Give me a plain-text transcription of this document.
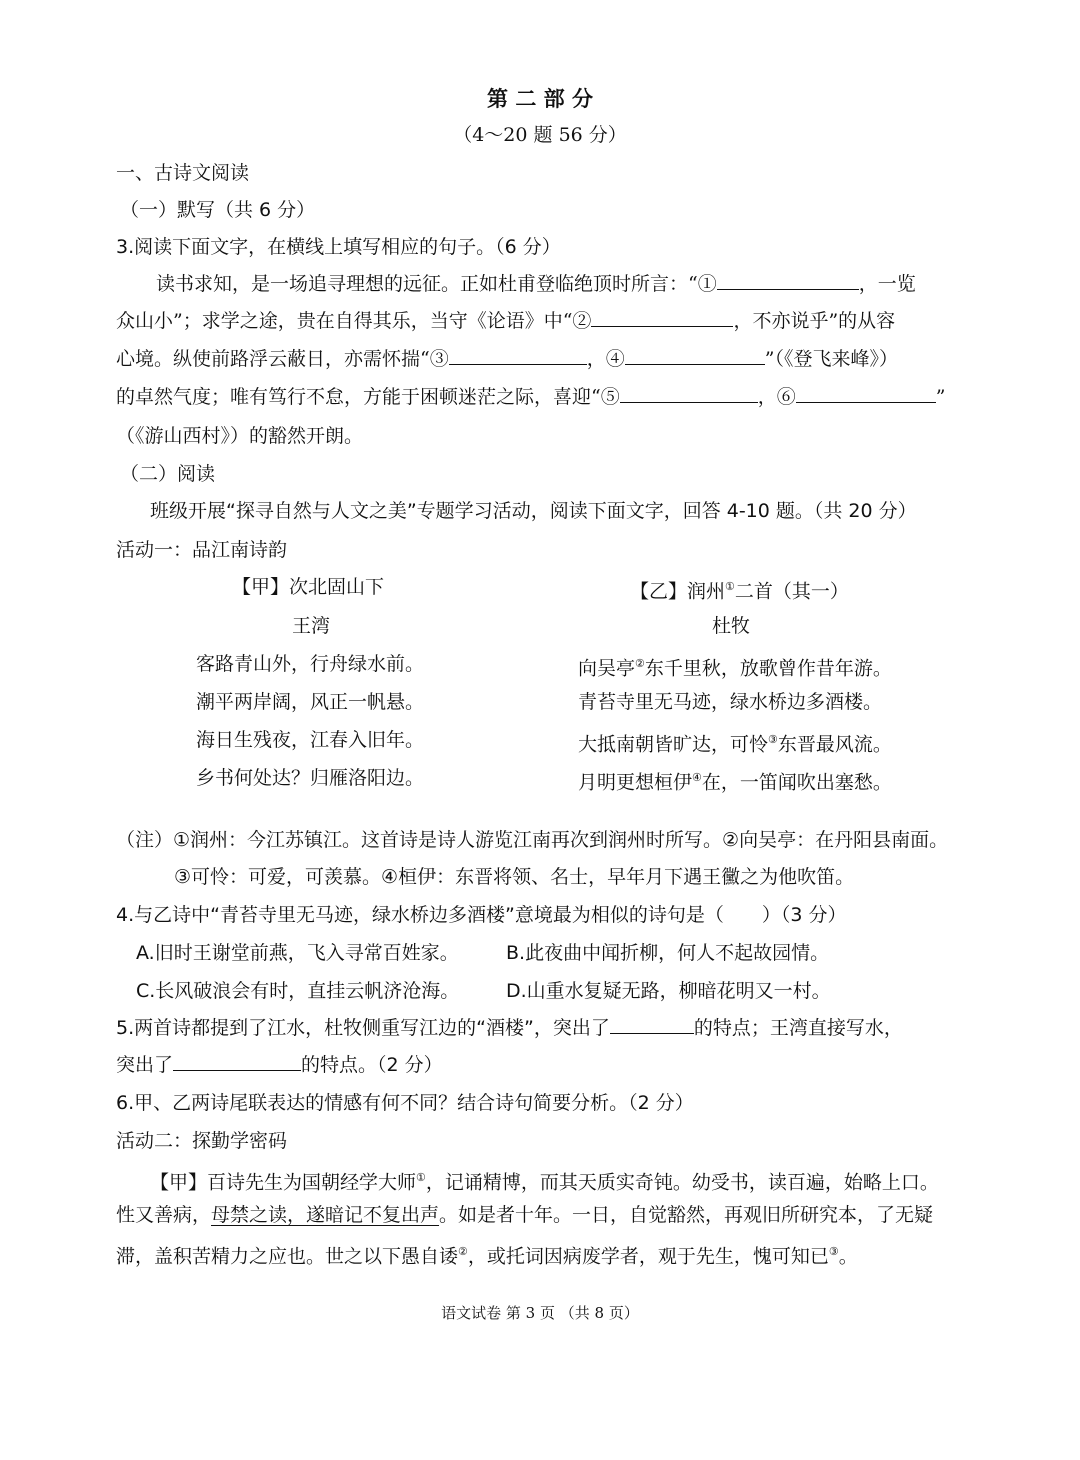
第 二 部 分
（4～20 题 56 分）
一、古诗文阅读
（一）默写（共 6 分）
3.阅读下面文字，在横线上填写相应的句子。（6 分）
读书求知，是一场追寻理想的远征。正如杜甫登临绝顶时所言：“①	，一览
众山小”；求学之途，贵在自得其乐，当守《论语》中“②	，不亦说乎”的从容
心境。纵使前路浮云蔽日，亦需怀揣“③	，④	”（《登飞来峰》）
的卓然气度；唯有笃行不怠，方能于困顿迷茫之际，喜迎“⑤	，⑥	”
（《游山西村》）的豁然开朗。
（二）阅读
班级开展“探寻自然与人文之美”专题学习活动，阅读下面文字，回答 4-10 题。（共 20 分）
活动一：品江南诗韵
【甲】次北固山下
王湾
客路青山外，行舟绿水前。
潮平两岸阔，风正一帆悬。
海日生残夜，江春入旧年。
乡书何处达？归雁洛阳边。
【乙】润州①二首（其一）
杜牧
向吴亭②东千里秋，放歌曾作昔年游。
青苔寺里无马迹，绿水桥边多酒楼。
大抵南朝皆旷达，可怜③东晋最风流。
月明更想桓伊④在，一笛闻吹出塞愁。
（注）①润州：今江苏镇江。这首诗是诗人游览江南再次到润州时所写。②向吴亭：在丹阳县南面。
③可怜：可爱，可羡慕。④桓伊：东晋将领、名士，早年月下遇王黴之为他吹笛。
4.与乙诗中“青苔寺里无马迹，绿水桥边多酒楼”意境最为相似的诗句是（　　）（3 分）
A.旧时王谢堂前燕，飞入寻常百姓家。 B.此夜曲中闻折柳，何人不起故园情。
C.长风破浪会有时，直挂云帆济沧海。 D.山重水复疑无路，柳暗花明又一村。
5.两首诗都提到了江水，杜牧侧重写江边的“酒楼”，突出了	的特点；王湾直接写水，
突出了	的特点。（2 分）
6.甲、乙两诗尾联表达的情感有何不同？结合诗句简要分析。（2 分）
活动二：探勤学密码
【甲】百诗先生为国朝经学大师①，记诵精博，而其天质实奇钝。幼受书，读百遍，始略上口。
性又善病，母禁之读，遂暗记不复出声。如是者十年。一日，自觉豁然，再观旧所研究本，了无疑
滞，盖积苦精力之应也。世之以下愚自诿②，或托词因病废学者，观于先生，愧可知已③。
语文试卷 第 3 页 （共 8 页）
